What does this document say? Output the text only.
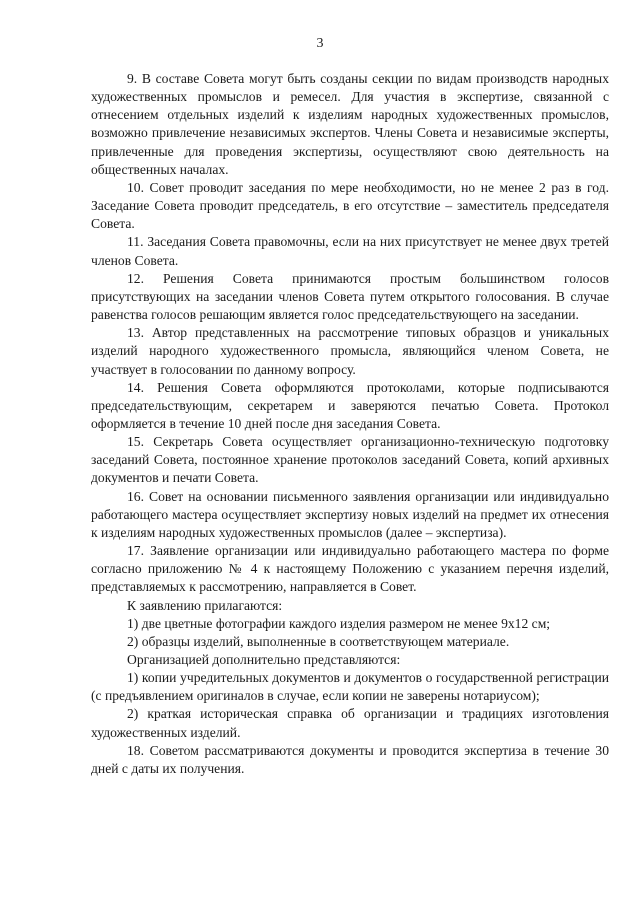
3

9. В составе Совета могут быть созданы секции по видам производств народных художественных промыслов и ремесел. Для участия в экспертизе, связанной с отнесением отдельных изделий к изделиям народных художественных промыслов, возможно привлечение независимых экспертов. Члены Совета и независимые эксперты, привлеченные для проведения экспертизы, осуществляют свою деятельность на общественных началах.

10. Совет проводит заседания по мере необходимости, но не менее 2 раз в год. Заседание Совета проводит председатель, в его отсутствие – заместитель председателя Совета.

11. Заседания Совета правомочны, если на них присутствует не менее двух третей членов Совета.

12. Решения Совета принимаются простым большинством голосов присутствующих на заседании членов Совета путем открытого голосования. В случае равенства голосов решающим является голос председательствующего на заседании.

13. Автор представленных на рассмотрение типовых образцов и уникальных изделий народного художественного промысла, являющийся членом Совета, не участвует в голосовании по данному вопросу.

14. Решения Совета оформляются протоколами, которые подписываются председательствующим, секретарем и заверяются печатью Совета. Протокол оформляется в течение 10 дней после дня заседания Совета.

15. Секретарь Совета осуществляет организационно-техническую подготовку заседаний Совета, постоянное хранение протоколов заседаний Совета, копий архивных документов и печати Совета.

16. Совет на основании письменного заявления организации или индивидуально работающего мастера осуществляет экспертизу новых изделий на предмет их отнесения к изделиям народных художественных промыслов (далее – экспертиза).

17. Заявление организации или индивидуально работающего мастера по форме согласно приложению № 4 к настоящему Положению с указанием перечня изделий, представляемых к рассмотрению, направляется в Совет.

К заявлению прилагаются:

1) две цветные фотографии каждого изделия размером не менее 9x12 см;

2) образцы изделий, выполненные в соответствующем материале.

Организацией дополнительно представляются:

1) копии учредительных документов и документов о государственной регистрации (с предъявлением оригиналов в случае, если копии не заверены нотариусом);

2) краткая историческая справка об организации и традициях изготовления художественных изделий.

18. Советом рассматриваются документы и проводится экспертиза в течение 30 дней с даты их получения.
